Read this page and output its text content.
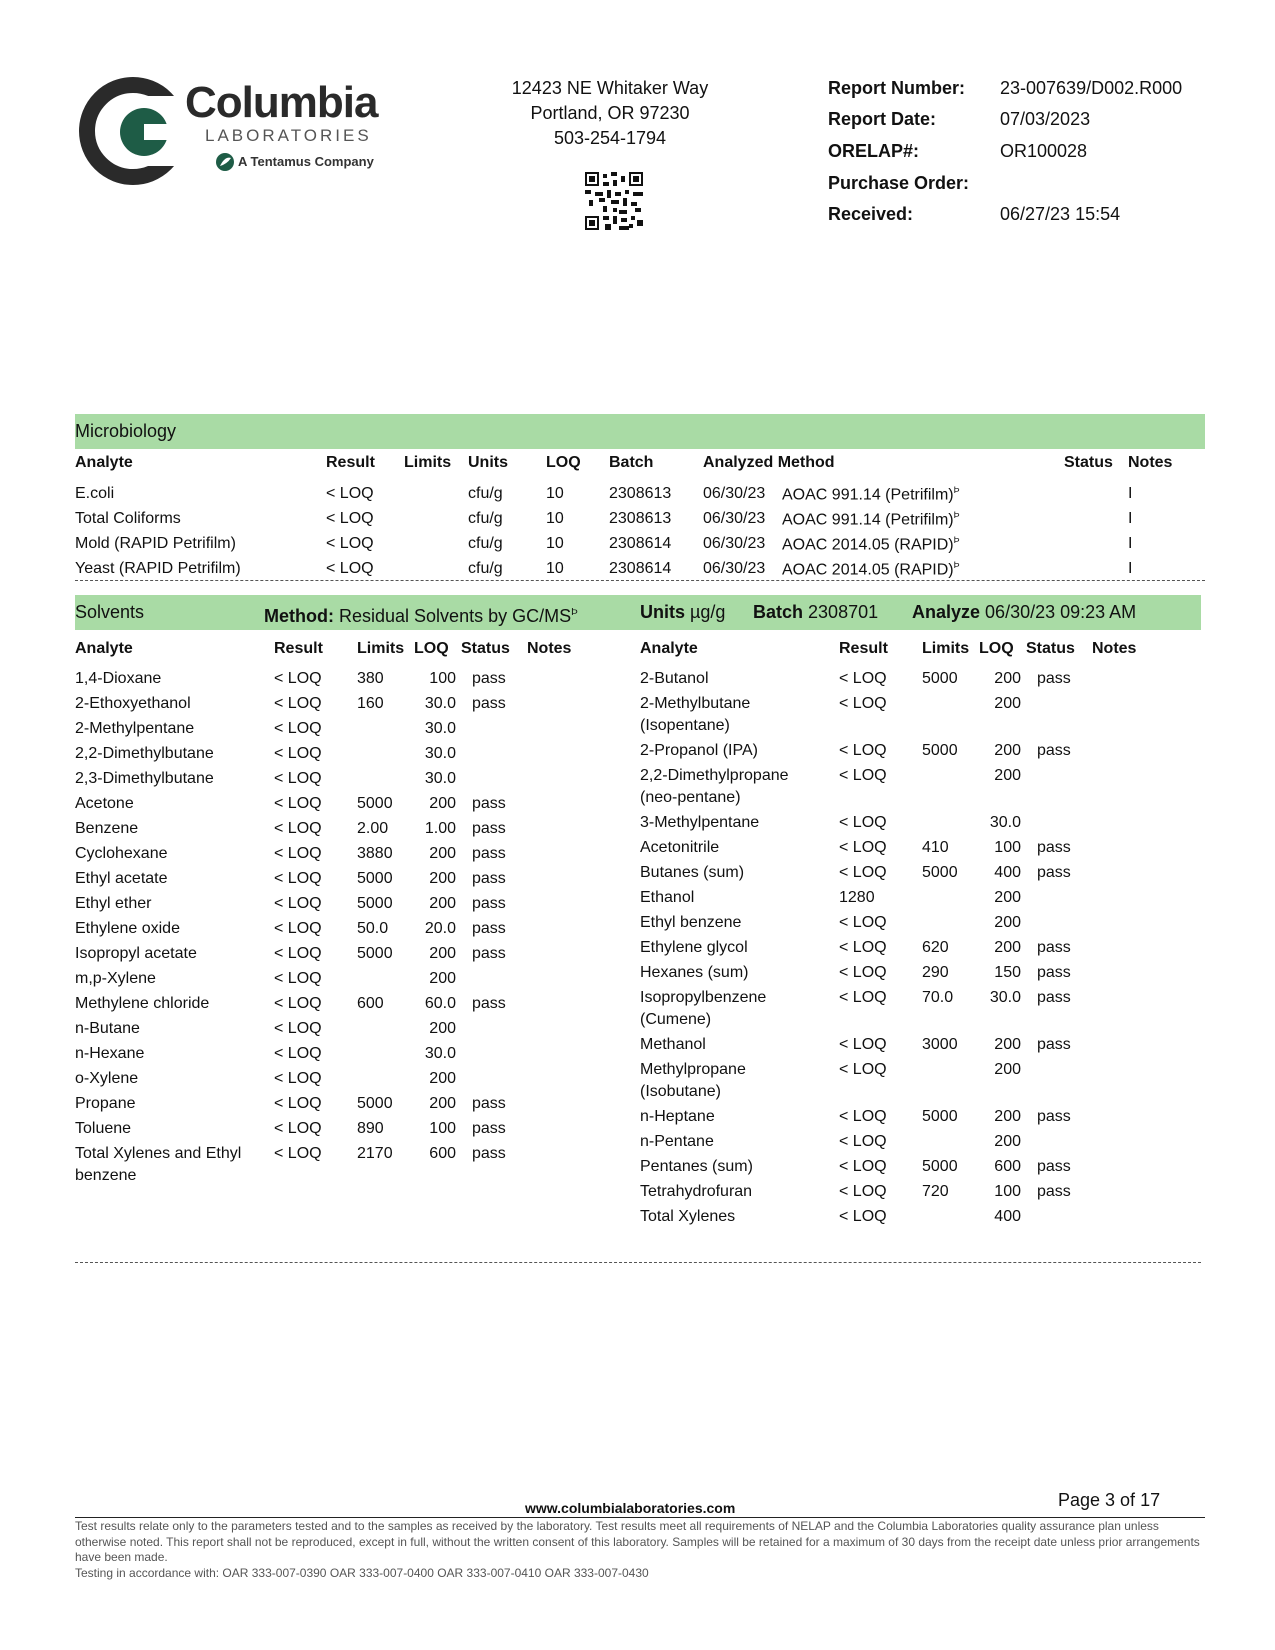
Columbia
LABORATORIES
A Tentamus Company
12423 NE Whitaker Way
Portland, OR 97230
503-254-1794
Microbiology
Solvents	Method: Residual Solvents by $GC/MS^Þ$	Units µg/g Batch 2308701 Analyze 06/30/23 09:23 AM
Page 3 of 17
www.columbialaboratories.com
Test results relate only to the parameters tested and to the samples as received by the laboratory. Test results meet all requirements of NELAP and the Columbia Laboratories quality assurance plan unless otherwise noted. This report shall not be reproduced, except in full, without the written consent of this laboratory. Samples will be retained for a maximum of 30 days from the receipt date unless prior arrangements have been made.
Testing in accordance with: OAR 333-007-0390 OAR 333-007-0400 OAR 333-007-0410 OAR 333-007-0430
Report Number: 23-007639/D002.R000
Report Date:	07/03/2023
ORELAP#:	OR100028
Purchase Order:
Received:	06/27/23 15:54
Analyte	Result Limits Units LOQ Batch	Analyzed Method	Status Notes
E.coli	< LOQ	cfu/g	10	2308613 06/30/23 AOAC 991.14 (Petrifilm)$^Þ$	I
Total Coliforms	< LOQ	cfu/g	10	2308613 06/30/23 AOAC 991.14 (Petrifilm)$^Þ$	I
Mold (RAPID Petrifilm)	< LOQ	cfu/g	10	2308614 06/30/23 AOAC 2014.05 (RAPID)$^Þ$	I
Yeast (RAPID Petrifilm)	< LOQ	cfu/g	10	2308614 06/30/23 AOAC 2014.05 (RAPID)$^Þ$	I
Analyte	Result Limits LOQ Status Notes	Analyte	Result Limits LOQ Status Notes
1,4-Dioxane	< LOQ 380	100 pass
2-Ethoxyethanol	< LOQ 160	30.0 pass
2-Methylpentane	< LOQ	30.0
2,2-Dimethylbutane	< LOQ	30.0
2,3-Dimethylbutane	< LOQ	30.0
Acetone	< LOQ 5000	200 pass
Benzene	< LOQ 2.00	1.00 pass
Cyclohexane	< LOQ 3880	200 pass
Ethyl acetate	< LOQ 5000	200 pass
Ethyl ether	< LOQ 5000	200 pass
Ethylene oxide	< LOQ 50.0	20.0 pass
Isopropyl acetate	< LOQ 5000	200 pass
m,p-Xylene	< LOQ	200
Methylene chloride	< LOQ 600	60.0 pass
n-Butane	< LOQ	200
n-Hexane	< LOQ	30.0
o-Xylene	< LOQ	200
Propane	< LOQ 5000	200 pass
Toluene	< LOQ 890	100 pass
Total Xylenes and Ethyl
benzene
< LOQ 2170	600 pass
2-Butanol	< LOQ 5000	200 pass
2-Methylbutane
(Isopentane)
< LOQ	200
2-Propanol (IPA)	< LOQ 5000	200 pass
2,2-Dimethylpropane
(neo-pentane)
< LOQ	200
3-Methylpentane	< LOQ	30.0
Acetonitrile	< LOQ 410	100 pass
Butanes (sum)	< LOQ 5000	400 pass
Ethanol	1280	200
Ethyl benzene	< LOQ	200
Ethylene glycol	< LOQ 620	200 pass
Hexanes (sum)	< LOQ 290	150 pass
Isopropylbenzene
(Cumene)
< LOQ 70.0	30.0 pass
Methanol	< LOQ 3000	200 pass
Methylpropane
(Isobutane)
< LOQ	200
n-Heptane	< LOQ 5000	200 pass
n-Pentane	< LOQ	200
Pentanes (sum)	< LOQ 5000	600 pass
Tetrahydrofuran	< LOQ 720	100 pass
Total Xylenes	< LOQ	400
